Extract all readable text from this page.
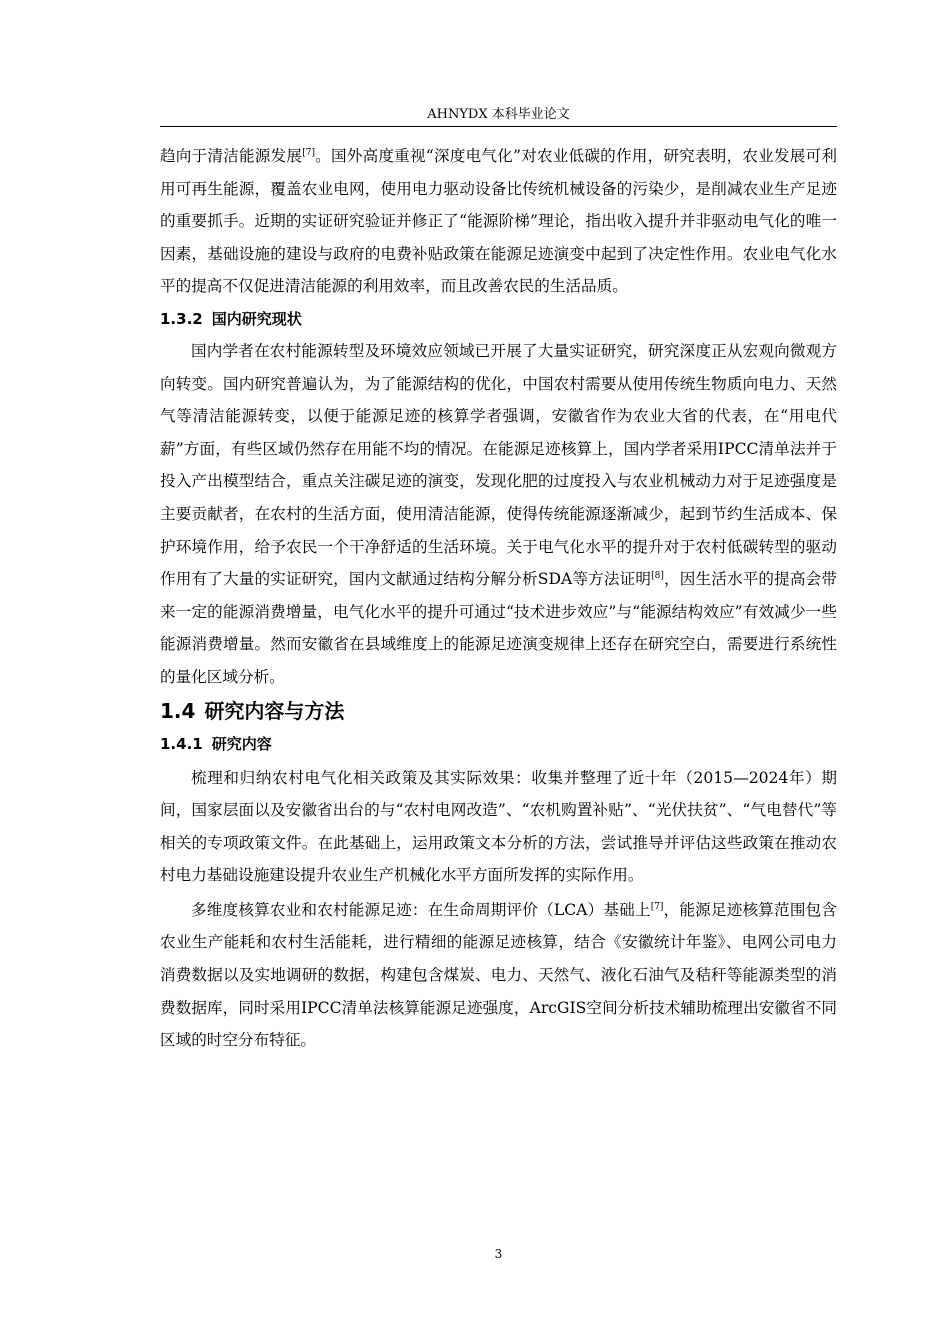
AHNYDX 本科毕业论文

趋向于清洁能源发展[7]。国外高度重视“深度电气化”对农业低碳的作用，研究表明，农业发展可利用可再生能源，覆盖农业电网，使用电力驱动设备比传统机械设备的污染少，是削减农业生产足迹的重要抓手。近期的实证研究验证并修正了“能源阶梯”理论，指出收入提升并非驱动电气化的唯一因素，基础设施的建设与政府的电费补贴政策在能源足迹演变中起到了决定性作用。农业电气化水平的提高不仅促进清洁能源的利用效率，而且改善农民的生活品质。

1.3.2 国内研究现状

国内学者在农村能源转型及环境效应领域已开展了大量实证研究，研究深度正从宏观向微观方向转变。国内研究普遍认为，为了能源结构的优化，中国农村需要从使用传统生物质向电力、天然气等清洁能源转变，以便于能源足迹的核算学者强调，安徽省作为农业大省的代表，在“用电代薪”方面，有些区域仍然存在用能不均的情况。在能源足迹核算上，国内学者采用IPCC清单法并于投入产出模型结合，重点关注碳足迹的演变，发现化肥的过度投入与农业机械动力对于足迹强度是主要贡献者，在农村的生活方面，使用清洁能源，使得传统能源逐渐减少，起到节约生活成本、保护环境作用，给予农民一个干净舒适的生活环境。关于电气化水平的提升对于农村低碳转型的驱动作用有了大量的实证研究，国内文献通过结构分解分析SDA等方法证明[8]，因生活水平的提高会带来一定的能源消费增量，电气化水平的提升可通过“技术进步效应”与“能源结构效应”有效减少一些能源消费增量。然而安徽省在县域维度上的能源足迹演变规律上还存在研究空白，需要进行系统性的量化区域分析。

1.4 研究内容与方法
1.4.1 研究内容

梳理和归纳农村电气化相关政策及其实际效果：收集并整理了近十年（2015—2024年）期间，国家层面以及安徽省出台的与“农村电网改造”、“农机购置补贴”、“光伏扶贫”、“气电替代”等相关的专项政策文件。在此基础上，运用政策文本分析的方法，尝试推导并评估这些政策在推动农村电力基础设施建设提升农业生产机械化水平方面所发挥的实际作用。

多维度核算农业和农村能源足迹：在生命周期评价（LCA）基础上[7]，能源足迹核算范围包含农业生产能耗和农村生活能耗，进行精细的能源足迹核算，结合《安徽统计年鉴》、电网公司电力消费数据以及实地调研的数据，构建包含煤炭、电力、天然气、液化石油气及秸秆等能源类型的消费数据库，同时采用IPCC清单法核算能源足迹强度，ArcGIS空间分析技术辅助梳理出安徽省不同区域的时空分布特征。

3
